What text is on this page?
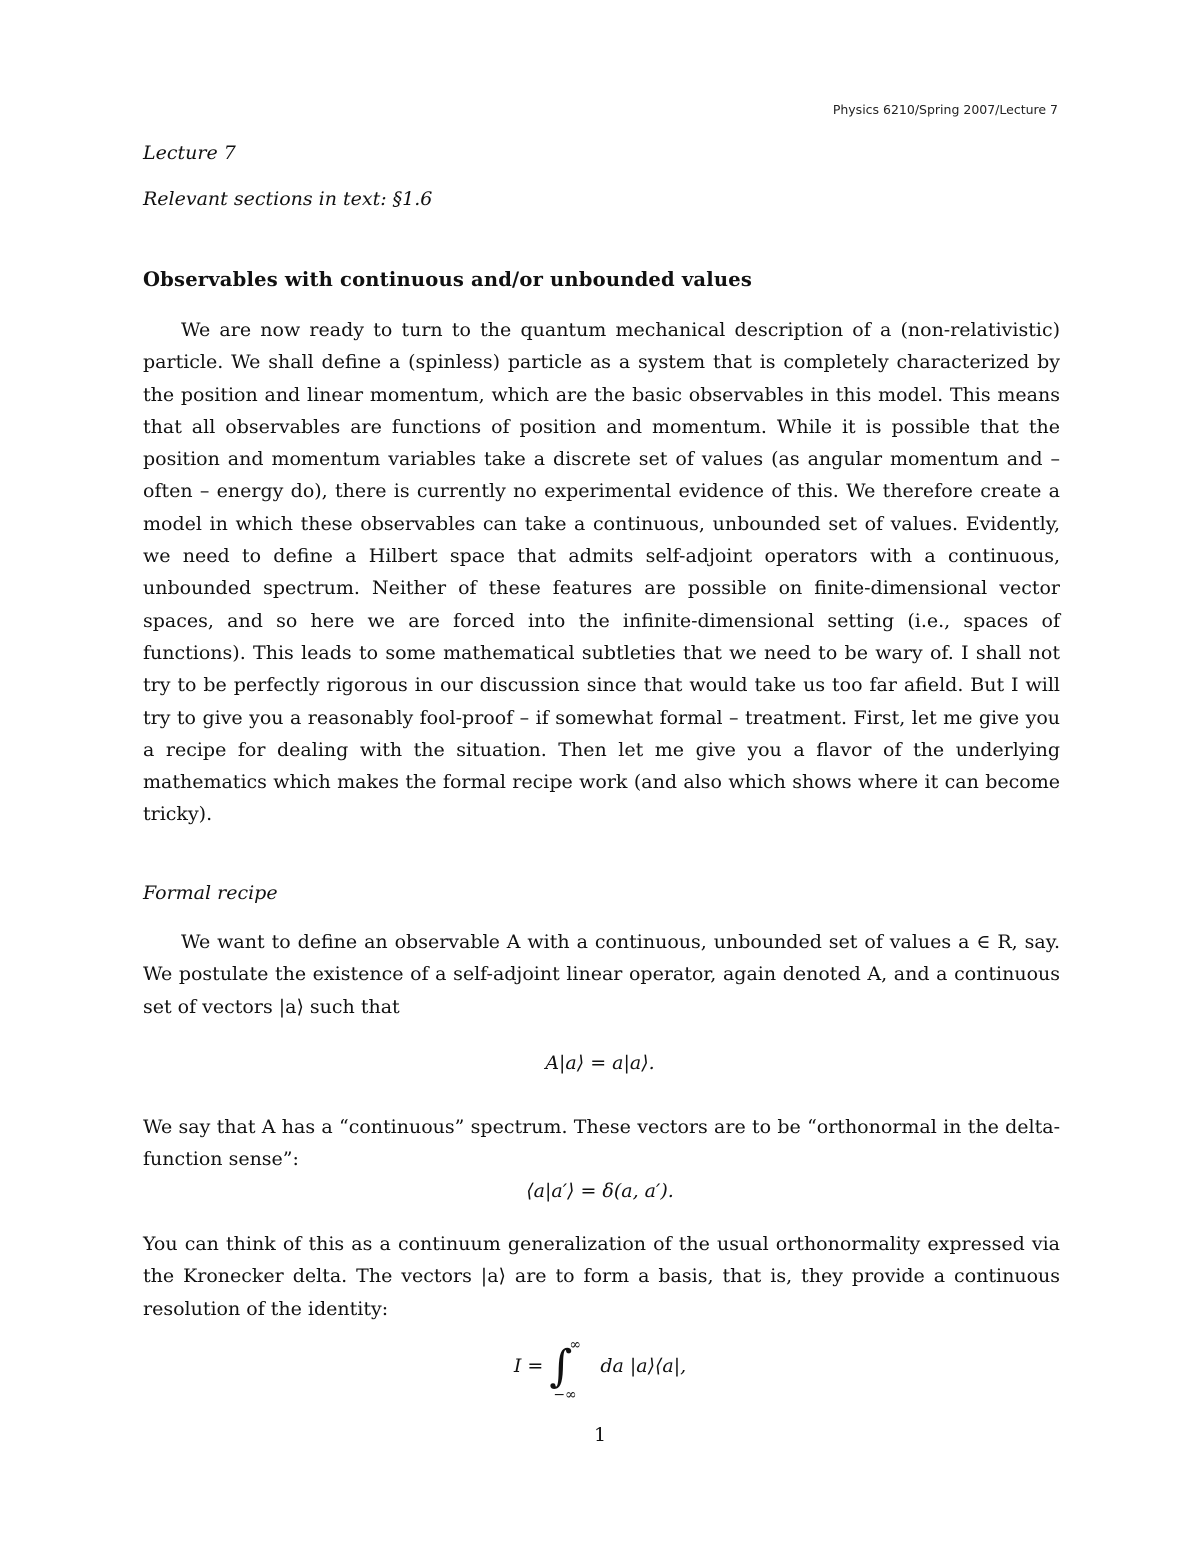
Physics 6210/Spring 2007/Lecture 7
Lecture 7
Relevant sections in text: §1.6
Observables with continuous and/or unbounded values

We are now ready to turn to the quantum mechanical description of a (non-relativistic) particle. We shall define a (spinless) particle as a system that is completely characterized by the position and linear momentum, which are the basic observables in this model. This means that all observables are functions of position and momentum. While it is possible that the position and momentum variables take a discrete set of values (as angular momentum and – often – energy do), there is currently no experimental evidence of this. We therefore create a model in which these observables can take a continuous, unbounded set of values. Evidently, we need to define a Hilbert space that admits self-adjoint operators with a continuous, unbounded spectrum. Neither of these features are possible on finite-dimensional vector spaces, and so here we are forced into the infinite-dimensional setting (i.e., spaces of functions). This leads to some mathematical subtleties that we need to be wary of. I shall not try to be perfectly rigorous in our discussion since that would take us too far afield. But I will try to give you a reasonably fool-proof – if somewhat formal – treatment. First, let me give you a recipe for dealing with the situation. Then let me give you a flavor of the underlying mathematics which makes the formal recipe work (and also which shows where it can become tricky).

Formal recipe

We want to define an observable A with a continuous, unbounded set of values a ∈ R, say. We postulate the existence of a self-adjoint linear operator, again denoted A, and a continuous set of vectors |a⟩ such that

A|a⟩ = a|a⟩.

We say that A has a “continuous” spectrum. These vectors are to be “orthonormal in the delta-function sense”:

⟨a|a′⟩ = δ(a, a′).

You can think of this as a continuum generalization of the usual orthonormality expressed via the Kronecker delta. The vectors |a⟩ are to form a basis, that is, they provide a continuous resolution of the identity:

I = ∫
∞
−∞
da |a⟩⟨a|,
1
